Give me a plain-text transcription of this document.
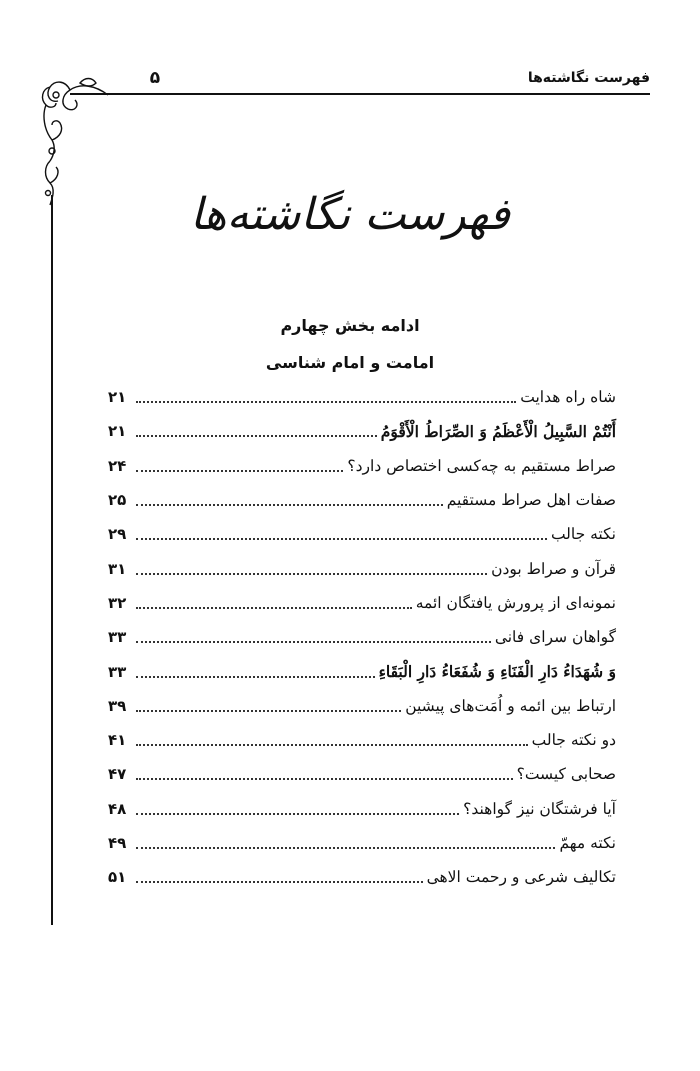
فهرست نگاشته‌ها
۵
فهرست نگاشته‌ها
ادامه بخش چهارم
امامت و امام شناسی
شاه راه هدایت
۲۱
أَنْتُمْ السَّبِيلُ الْأَعْظَمُ وَ الصِّرَاطُ الْأَقْوَمُ
۲۱
صراط مستقیم به چه‌کسی اختصاص دارد؟
۲۴
صفات اهل صراط مستقیم
۲۵
نکته جالب
۲۹
قرآن و صراط بودن
۳۱
نمونه‌ای از پرورش یافتگان ائمه
۳۲
گواهان سرای فانی
۳۳
وَ شُهَدَاءُ دَارِ الْفَنَاءِ وَ شُفَعَاءُ دَارِ الْبَقَاءِ
۳۳
ارتباط بین ائمه و اُمَت‌های پیشین
۳۹
دو نکته جالب
۴۱
صحابی کیست؟
۴۷
آیا فرشتگان نیز گواهند؟
۴۸
نکته مهمّ
۴۹
تکالیف شرعی و رحمت الاهی
۵۱
